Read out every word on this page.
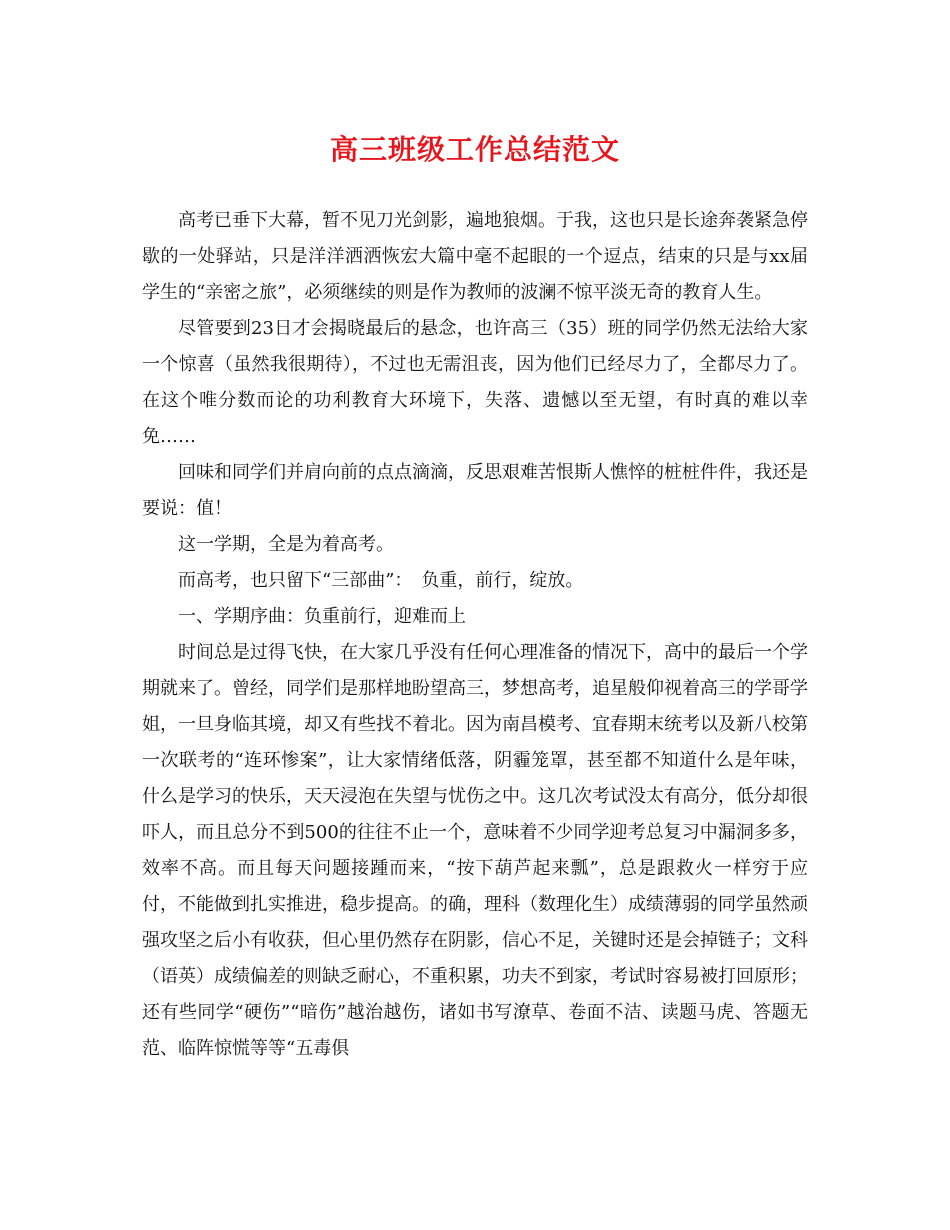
高三班级工作总结范文

高考已垂下大幕，暂不见刀光剑影，遍地狼烟。于我，这也只是长途奔袭紧急停歇的一处驿站，只是洋洋洒洒恢宏大篇中毫不起眼的一个逗点，结束的只是与xx届学生的“亲密之旅”，必须继续的则是作为教师的波澜不惊平淡无奇的教育人生。

尽管要到23日才会揭晓最后的悬念，也许高三（35）班的同学仍然无法给大家一个惊喜（虽然我很期待），不过也无需沮丧，因为他们已经尽力了，全都尽力了。在这个唯分数而论的功利教育大环境下，失落、遗憾以至无望，有时真的难以幸免……

回味和同学们并肩向前的点点滴滴，反思艰难苦恨斯人憔悴的桩桩件件，我还是要说：值！

这一学期，全是为着高考。

而高考，也只留下“三部曲”：　负重，前行，绽放。

一、学期序曲：负重前行，迎难而上

时间总是过得飞快，在大家几乎没有任何心理准备的情况下，高中的最后一个学期就来了。曾经，同学们是那样地盼望高三，梦想高考，追星般仰视着高三的学哥学姐，一旦身临其境，却又有些找不着北。因为南昌模考、宜春期末统考以及新八校第一次联考的“连环惨案”，让大家情绪低落，阴霾笼罩，甚至都不知道什么是年味，什么是学习的快乐，天天浸泡在失望与忧伤之中。这几次考试没太有高分，低分却很吓人，而且总分不到500的往往不止一个，意味着不少同学迎考总复习中漏洞多多，效率不高。而且每天问题接踵而来，“按下葫芦起来瓢”，总是跟救火一样穷于应付，不能做到扎实推进，稳步提高。的确，理科（数理化生）成绩薄弱的同学虽然顽强攻坚之后小有收获，但心里仍然存在阴影，信心不足，关键时还是会掉链子；文科（语英）成绩偏差的则缺乏耐心，不重积累，功夫不到家，考试时容易被打回原形；还有些同学“硬伤”“暗伤”越治越伤，诸如书写潦草、卷面不洁、读题马虎、答题无范、临阵惊慌等等“五毒俱
